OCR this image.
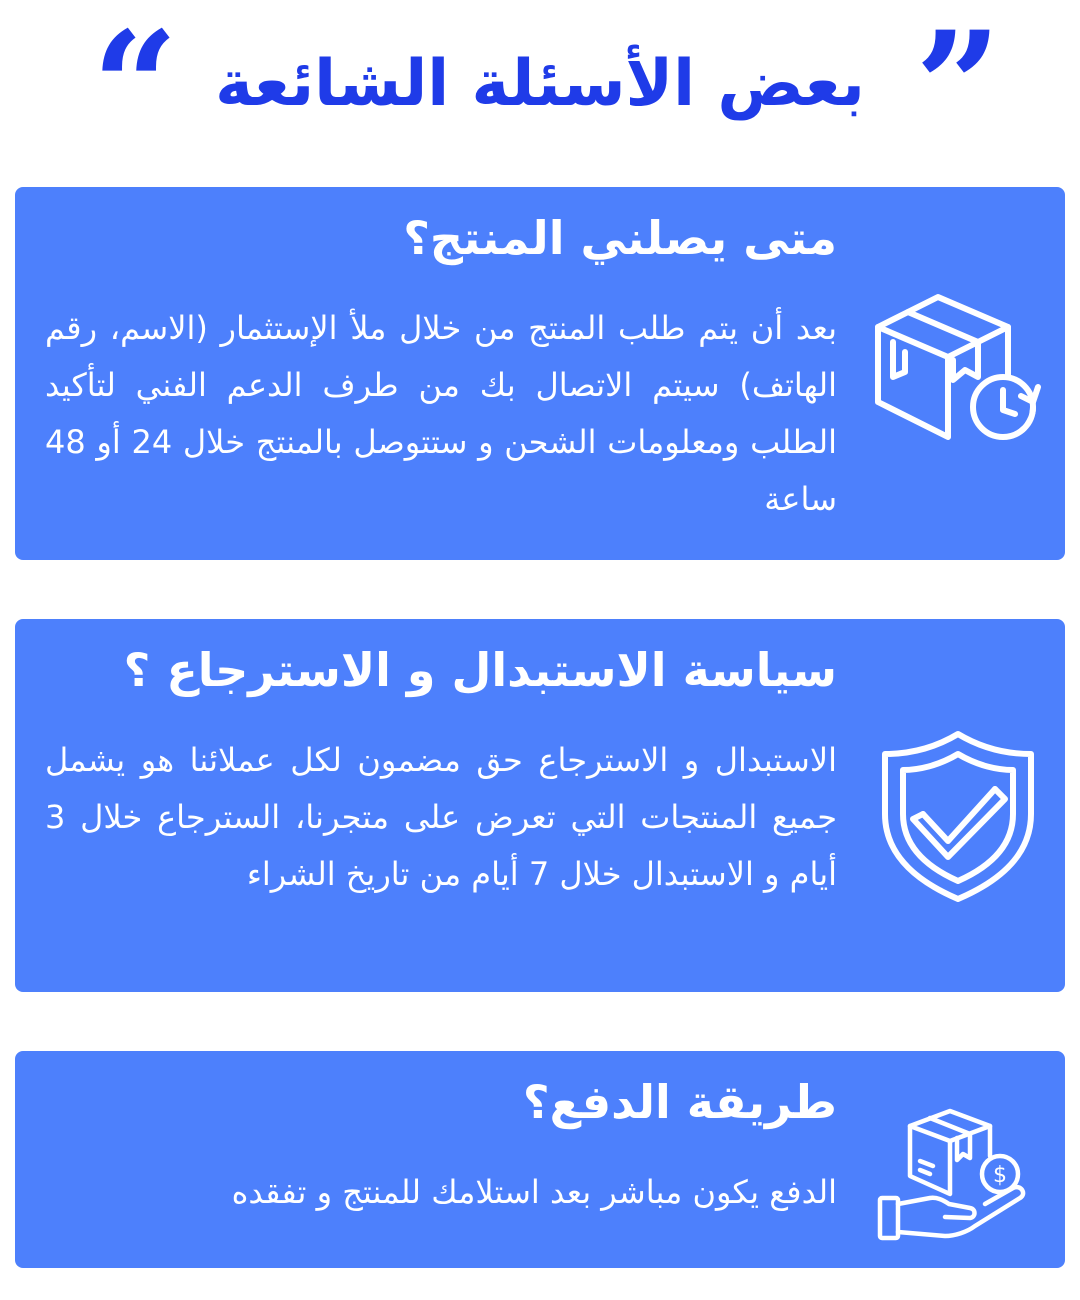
”
بعض الأسئلة الشائعة
“
متى يصلني المنتج؟
بعد أن يتم طلب المنتج من خلال ملأ الإستثمار (الاسم، رقم الهاتف) سيتم الاتصال بك من طرف الدعم الفني لتأكيد الطلب ومعلومات الشحن و ستتوصل بالمنتج خلال 24 أو 48 ساعة
سياسة الاستبدال و الاسترجاع ؟
الاستبدال و الاسترجاع حق مضمون لكل عملائنا هو يشمل جميع المنتجات التي تعرض على متجرنا، السترجاع خلال 3 أيام و الاستبدال خلال 7 أيام من تاريخ الشراء
طريقة الدفع؟
الدفع يكون مباشر بعد استلامك للمنتج و تفقده	$
